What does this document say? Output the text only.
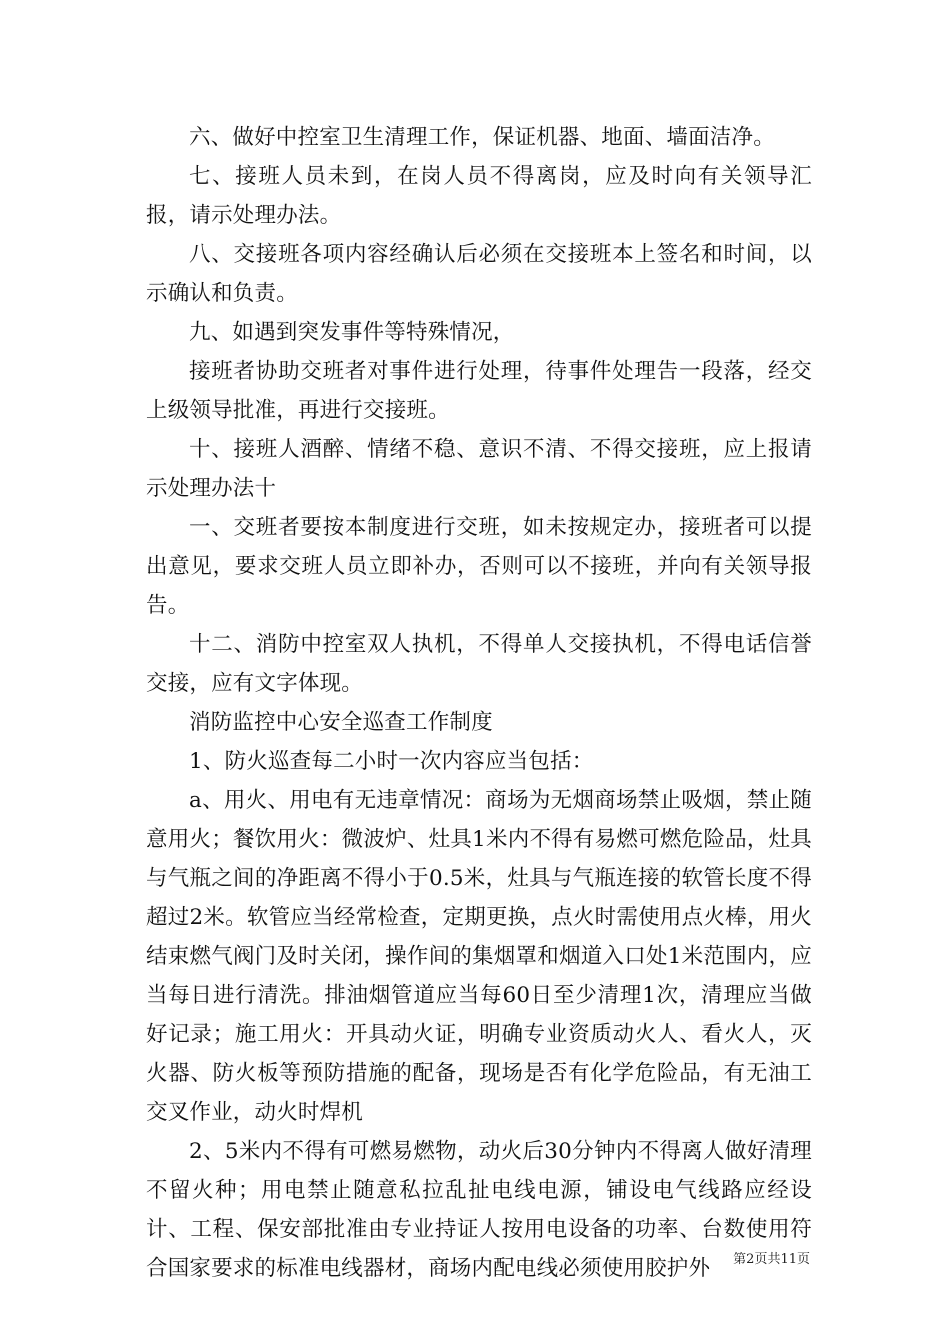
六、做好中控室卫生清理工作，保证机器、地面、墙面洁净。

七、接班人员未到，在岗人员不得离岗，应及时向有关领导汇报，请示处理办法。

八、交接班各项内容经确认后必须在交接班本上签名和时间，以示确认和负责。

九、如遇到突发事件等特殊情况，

接班者协助交班者对事件进行处理，待事件处理告一段落，经交上级领导批准，再进行交接班。

十、接班人酒醉、情绪不稳、意识不清、不得交接班，应上报请示处理办法十

一、交班者要按本制度进行交班，如未按规定办，接班者可以提出意见，要求交班人员立即补办，否则可以不接班，并向有关领导报告。

十二、消防中控室双人执机，不得单人交接执机，不得电话信誉交接，应有文字体现。

消防监控中心安全巡查工作制度

1、防火巡查每二小时一次内容应当包括：

a、用火、用电有无违章情况：商场为无烟商场禁止吸烟，禁止随意用火；餐饮用火：微波炉、灶具1米内不得有易燃可燃危险品，灶具与气瓶之间的净距离不得小于0.5米，灶具与气瓶连接的软管长度不得超过2米。软管应当经常检查，定期更换，点火时需使用点火棒，用火结束燃气阀门及时关闭，操作间的集烟罩和烟道入口处1米范围内，应当每日进行清洗。排油烟管道应当每60日至少清理1次，清理应当做好记录；施工用火：开具动火证，明确专业资质动火人、看火人，灭火器、防火板等预防措施的配备，现场是否有化学危险品，有无油工交叉作业，动火时焊机

2、5米内不得有可燃易燃物，动火后30分钟内不得离人做好清理不留火种；用电禁止随意私拉乱扯电线电源，铺设电气线路应经设计、工程、保安部批准由专业持证人按用电设备的功率、台数使用符合国家要求的标准电线器材，商场内配电线必须使用胶护外	第2页共11页
